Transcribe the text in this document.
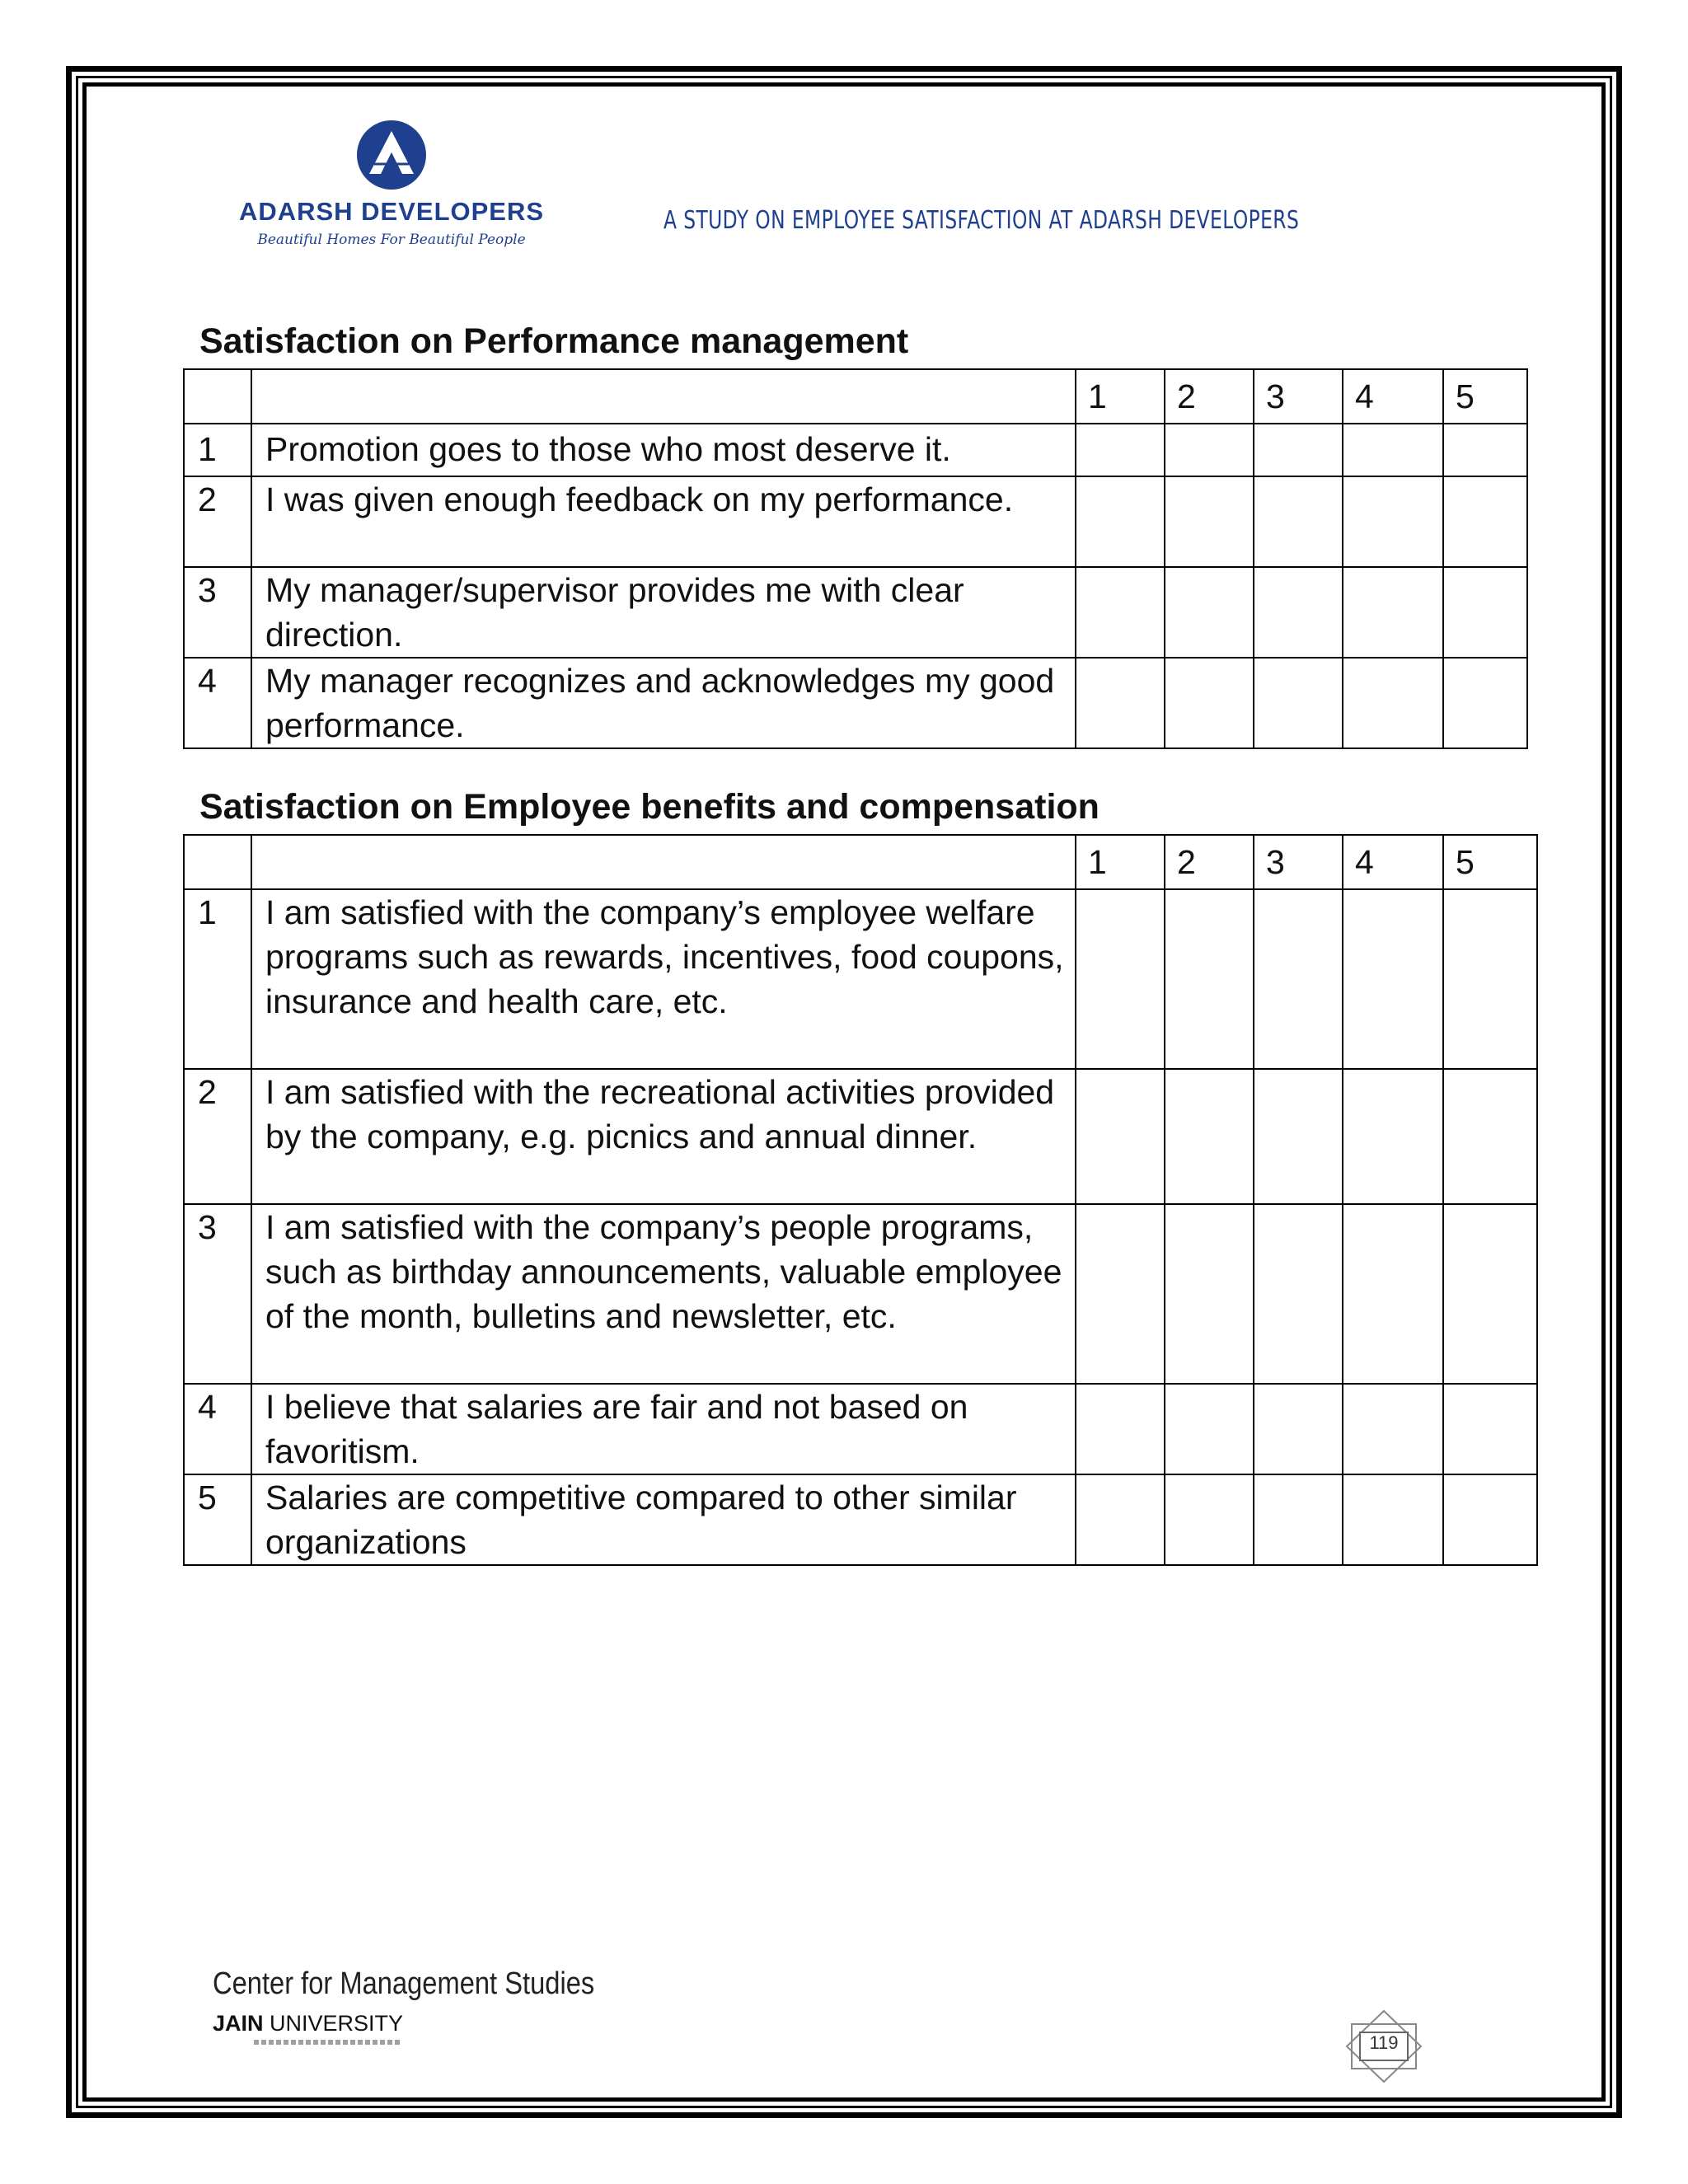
ADARSH DEVELOPERS
Beautiful Homes For Beautiful People
A STUDY ON EMPLOYEE SATISFACTION AT ADARSH DEVELOPERS
Satisfaction on Performance management
		1	2	3	4	5
1	Promotion goes to those who most deserve it.					
2	I was given enough feedback on my performance.					
3	My manager/supervisor provides me with clear direction.					
4	My manager recognizes and acknowledges my good performance.					
Satisfaction on Employee benefits and compensation
		1	2	3	4	5
1	I am satisfied with the company’s employee welfare
programs such as rewards, incentives, food coupons, insurance and health care, etc.					

2	I am satisfied with the recreational activities provided by the company, e.g. picnics and annual dinner.					
3	I am satisfied with the company’s people programs, such as birthday announcements, valuable employee of the month, bulletins and newsletter, etc.					
4	I believe that salaries are fair and not based on favoritism.					
5	Salaries are competitive compared to other similar organizations					
Center for Management Studies
JAIN UNIVERSITY
119
